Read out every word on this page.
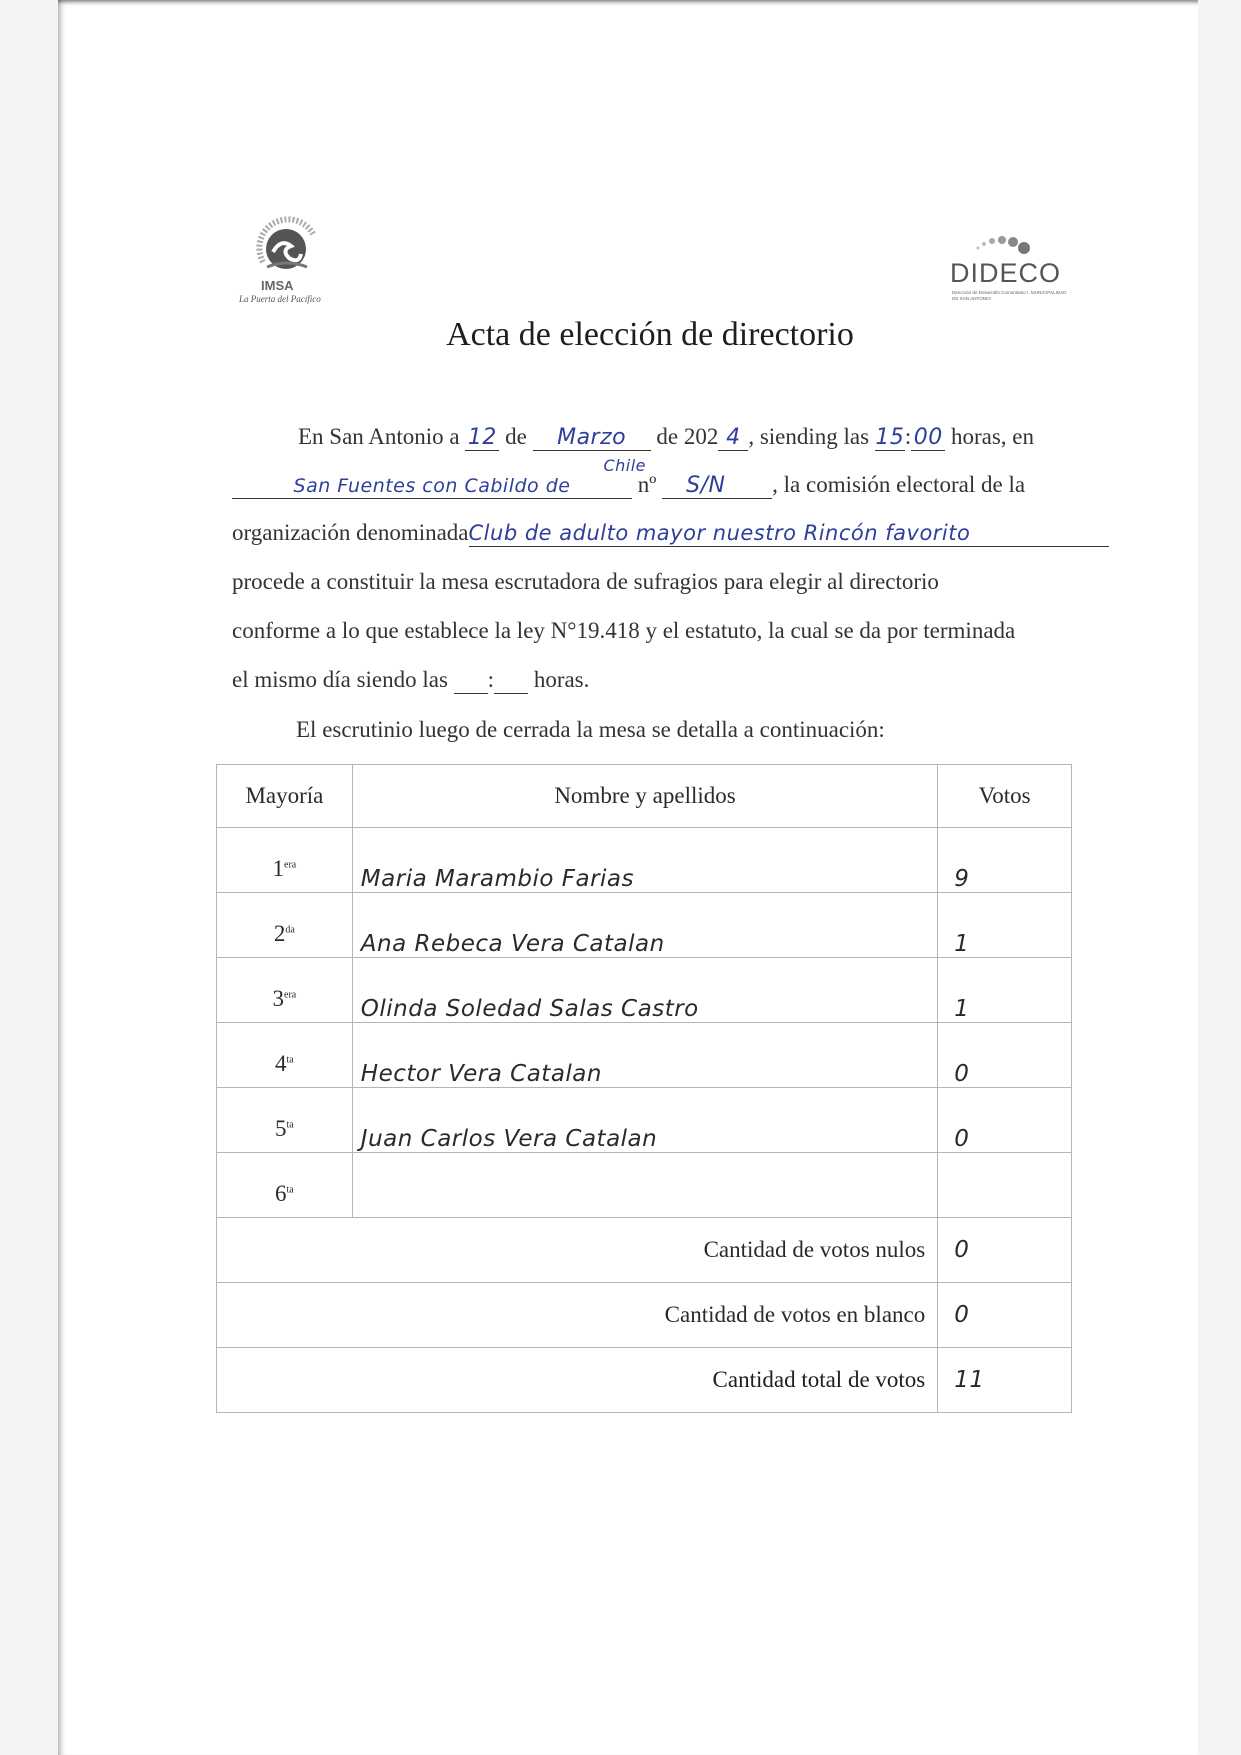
IMSA
La Puerta del Pacífico
DIDECO
Dirección de Desarrollo Comunitario I. MUNICIPALIDAD DE SAN ANTONIO
Acta de elección de directorio
En San Antonio a 12 de Marzo de 202 4 , siending las 15: 00 horas, en
San Fuentes con Cabildo de
Chile
nº S/N , la comisión electoral de la
organización denominadaClub de adulto mayor nuestro Rincón favorito
procede a constituir la mesa escrutadora de sufragios para elegir al directorio
conforme a lo que establece la ley N°19.418 y el estatuto, la cual se da por terminada
el mismo día siendo las : horas.
El escrutinio luego de cerrada la mesa se detalla a continuación:
Mayoría	Nombre y apellidos	Votos
$1^{era}$	Maria Marambio Farias	9
$2^{da}$	Ana Rebeca Vera Catalan	1
$3^{era}$	Olinda Soledad Salas Castro	1
$4^{ta}$	Hector Vera Catalan	0
$5^{ta}$	Juan Carlos Vera Catalan	0
$6^{ta}$		
Cantidad de votos nulos		0
Cantidad de votos en blanco		0
Cantidad total de votos		11
